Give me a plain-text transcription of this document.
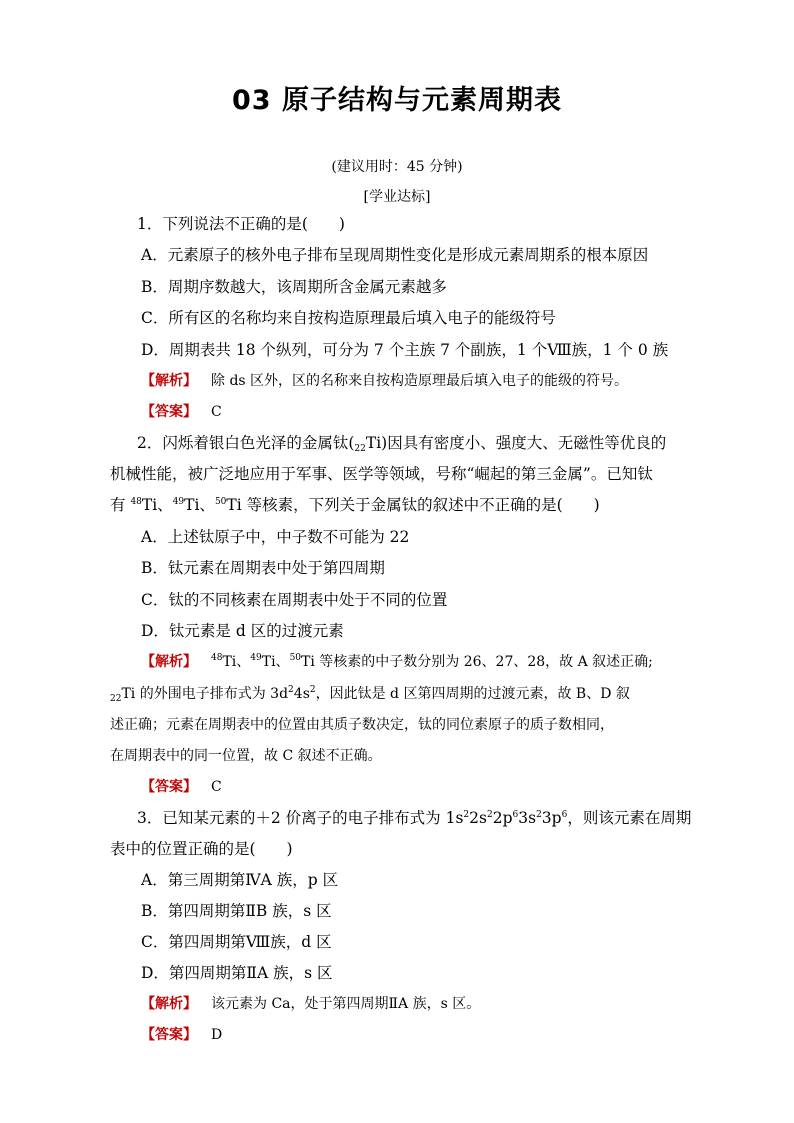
03 原子结构与元素周期表
(建议用时：45 分钟)
[学业达标]
1．下列说法不正确的是(　　)
A．元素原子的核外电子排布呈现周期性变化是形成元素周期系的根本原因
B．周期序数越大，该周期所含金属元素越多
C．所有区的名称均来自按构造原理最后填入电子的能级符号
D．周期表共 18 个纵列，可分为 7 个主族 7 个副族，1 个Ⅷ族，1 个 0 族
【解析】 除 ds 区外，区的名称来自按构造原理最后填入电子的能级的符号。
【答案】 C
2．闪烁着银白色光泽的金属钛$(_{22}Ti)$因具有密度小、强度大、无磁性等优良的
机械性能，被广泛地应用于军事、医学等领域，号称“崛起的第三金属”。已知钛
有 $^{48}$Ti、$^{49}$Ti、$^{50}$Ti 等核素，下列关于金属钛的叙述中不正确的是(　　)
A．上述钛原子中，中子数不可能为 22
B．钛元素在周期表中处于第四周期
C．钛的不同核素在周期表中处于不同的位置
D．钛元素是 d 区的过渡元素
【解析】 $^{48}$Ti、$^{49}$Ti、$^{50}$Ti 等核素的中子数分别为 26、27、28，故 A 叙述正确;
$_{22}$Ti 的外围电子排布式为 $3d^24s^2$，因此钛是 d 区第四周期的过渡元素，故 B、D 叙
述正确；元素在周期表中的位置由其质子数决定，钛的同位素原子的质子数相同，
在周期表中的同一位置，故 C 叙述不正确。
【答案】 C
3．已知某元素的＋2 价离子的电子排布式为 $1s^22s^22p^63s^23p^6$，则该元素在周期
表中的位置正确的是(　　)
A．第三周期第ⅣA 族，p 区
B．第四周期第ⅡB 族，s 区
C．第四周期第Ⅷ族，d 区
D．第四周期第ⅡA 族，s 区
【解析】 该元素为 Ca，处于第四周期ⅡA 族，s 区。
【答案】 D
